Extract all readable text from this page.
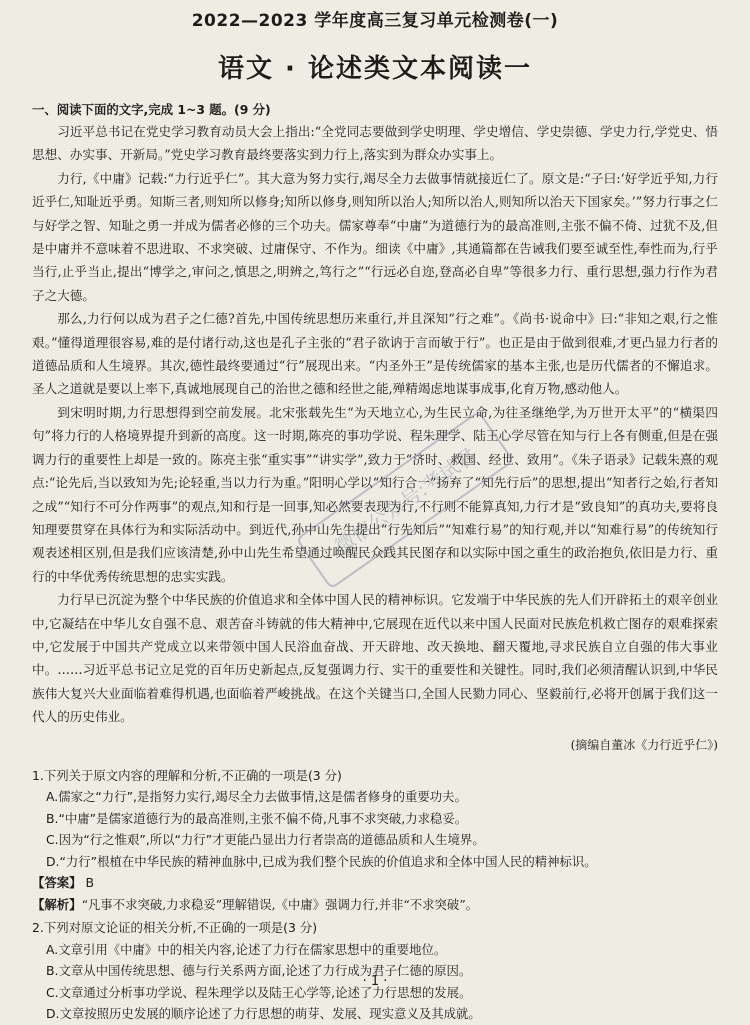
2022—2023 学年度高三复习单元检测卷(一)
语文 · 论述类文本阅读一
一、阅读下面的文字,完成 1~3 题。(9 分)

习近平总书记在党史学习教育动员大会上指出:“全党同志要做到学史明理、学史增信、学史崇德、学史力行,学党史、悟思想、办实事、开新局。”党史学习教育最终要落实到力行上,落实到为群众办实事上。

力行,《中庸》记载:“力行近乎仁”。其大意为努力实行,竭尽全力去做事情就接近仁了。原文是:“子曰:‘好学近乎知,力行近乎仁,知耻近乎勇。知斯三者,则知所以修身;知所以修身,则知所以治人;知所以治人,则知所以治天下国家矣。’”努力行事之仁与好学之智、知耻之勇一并成为儒者必修的三个功夫。儒家尊奉“中庸”为道德行为的最高准则,主张不偏不倚、过犹不及,但是中庸并不意味着不思进取、不求突破、过庸保守、不作为。细读《中庸》,其通篇都在告诫我们要至诚至性,奉性而为,行乎当行,止乎当止,提出“博学之,审问之,慎思之,明辨之,笃行之”“行远必自迩,登高必自卑”等很多力行、重行思想,强力行作为君子之大德。

那么,力行何以成为君子之仁德?首先,中国传统思想历来重行,并且深知“行之难”。《尚书·说命中》曰:“非知之艰,行之惟艰。”懂得道理很容易,难的是付诸行动,这也是孔子主张的“君子欲讷于言而敏于行”。也正是由于做到很难,才更凸显力行者的道德品质和人生境界。其次,德性最终要通过“行”展现出来。“内圣外王”是传统儒家的基本主张,也是历代儒者的不懈追求。圣人之道就是要以上率下,真诚地展现自己的治世之德和经世之能,殚精竭虑地谋事成事,化育万物,感动他人。

到宋明时期,力行思想得到空前发展。北宋张载先生“为天地立心,为生民立命,为往圣继绝学,为万世开太平”的“横渠四句”将力行的人格境界提升到新的高度。这一时期,陈亮的事功学说、程朱理学、陆王心学尽管在知与行上各有侧重,但是在强调力行的重要性上却是一致的。陈亮主张“重实事”“讲实学”,致力于“济时、救国、经世、致用”。《朱子语录》记载朱熹的观点:“论先后,当以致知为先;论轻重,当以力行为重。”阳明心学以“知行合一”扬弃了“知先行后”的思想,提出“知者行之始,行者知之成”“知行不可分作两事”的观点,知和行是一回事,知必然要表现为行,不行则不能算真知,力行才是“致良知”的真功夫,要将良知理要贯穿在具体行为和实际活动中。到近代,孙中山先生提出“行先知后”“知难行易”的知行观,并以“知难行易”的传统知行观表述相区别,但是我们应该清楚,孙中山先生希望通过唤醒民众践其民图存和以实际中国之重生的政治抱负,依旧是力行、重行的中华优秀传统思想的忠实实践。

力行早已沉淀为整个中华民族的价值追求和全体中国人民的精神标识。它发端于中华民族的先人们开辟拓土的艰辛创业中,它凝结在中华儿女自强不息、艰苦奋斗铸就的伟大精神中,它展现在近代以来中国人民面对民族危机救亡图存的艰难探索中,它发展于中国共产党成立以来带领中国人民浴血奋战、开天辟地、改天换地、翻天覆地,寻求民族自立自强的伟大事业中。……习近平总书记立足党的百年历史新起点,反复强调力行、实干的重要性和关键性。同时,我们必须清醒认识到,中华民族伟大复兴大业面临着难得机遇,也面临着严峻挑战。在这个关键当口,全国人民勠力同心、坚毅前行,必将开创属于我们这一代人的历史伟业。

(摘编自董冰《力行近乎仁》)
1.下列关于原文内容的理解和分析,不正确的一项是(3 分)
A.儒家之“力行”,是指努力实行,竭尽全力去做事情,这是儒者修身的重要功夫。
B.“中庸”是儒家道德行为的最高准则,主张不偏不倚,凡事不求突破,力求稳妥。
C.因为“行之惟艰”,所以“力行”才更能凸显出力行者崇高的道德品质和人生境界。
D.“力行”根植在中华民族的精神血脉中,已成为我们整个民族的价值追求和全体中国人民的精神标识。
【答案】 B
【解析】“凡事不求突破,力求稳妥”理解错误,《中庸》强调力行,并非“不求突破”。
2.下列对原文论证的相关分析,不正确的一项是(3 分)
A.文章引用《中庸》中的相关内容,论述了力行在儒家思想中的重要地位。
B.文章从中国传统思想、德与行关系两方面,论述了力行成为君子仁德的原因。
C.文章通过分析事功学说、程朱理学以及陆王心学等,论述了力行思想的发展。
D.文章按照历史发展的顺序论述了力行思想的萌芽、发展、现实意义及其成就。
微信公众号:考试君
· 1 ·
